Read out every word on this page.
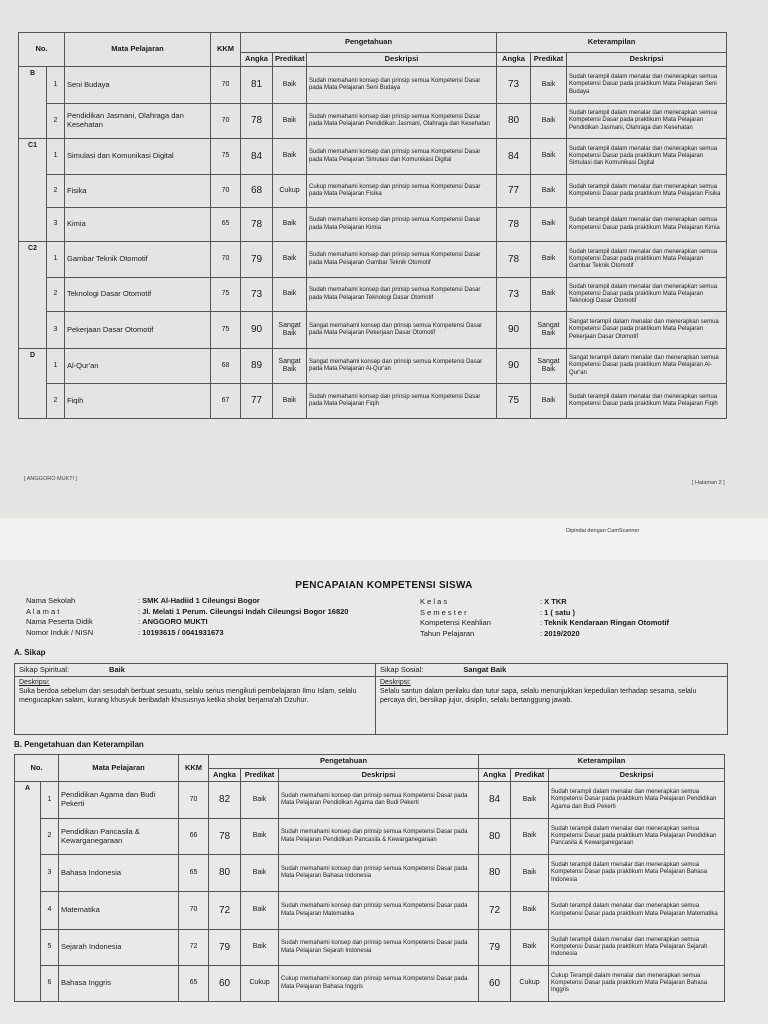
No.		Mata Pelajaran	KKM	Pengetahuan			Keterampilan		
				Angka	Predikat	Deskripsi	Angka	Predikat	Deskripsi
B	1	Seni Budaya	70	81	Baik	Sudah memahami konsep dan prinsip semua Kompetensi Dasar pada Mata Pelajaran Seni Budaya	73	Baik	Sudah terampil dalam menalar dan menerapkan semua Kompetensi Dasar pada praktikum Mata Pelajaran Seni Budaya
	2	Pendidikan Jasmani, Olahraga dan Kesehatan	70	78	Baik	Sudah memahami konsep dan prinsip semua Kompetensi Dasar pada Mata Pelajaran Pendidikan Jasmani, Olahraga dan Kesehatan	80	Baik	Sudah terampil dalam menalar dan menerapkan semua Kompetensi Dasar pada praktikum Mata Pelajaran Pendidikan Jasmani, Olahraga dan Kesehatan
C1	1	Simulasi dan Komunikasi Digital	75	84	Baik	Sudah memahami konsep dan prinsip semua Kompetensi Dasar pada Mata Pelajaran Simulasi dan Komunikasi Digital	84	Baik	Sudah terampil dalam menalar dan menerapkan semua Kompetensi Dasar pada praktikum Mata Pelajaran Simulasi dan Komunikasi Digital
	2	Fisika	70	68	Cukup	Cukup memahami konsep dan prinsip semua Kompetensi Dasar pada Mata Pelajaran Fisika	77	Baik	Sudah terampil dalam menalar dan menerapkan semua Kompetensi Dasar pada praktikum Mata Pelajaran Fisika
	3	Kimia	65	78	Baik	Sudah memahami konsep dan prinsip semua Kompetensi Dasar pada Mata Pelajaran Kimia	78	Baik	Sudah terampil dalam menalar dan menerapkan semua Kompetensi Dasar pada praktikum Mata Pelajaran Kimia
C2	1	Gambar Teknik Otomotif	70	79	Baik	Sudah memahami konsep dan prinsip semua Kompetensi Dasar pada Mata Pelajaran Gambar Teknik Otomotif	78	Baik	Sudah terampil dalam menalar dan menerapkan semua Kompetensi Dasar pada praktikum Mata Pelajaran Gambar Teknik Otomotif
	2	Teknologi Dasar Otomotif	75	73	Baik	Sudah memahami konsep dan prinsip semua Kompetensi Dasar pada Mata Pelajaran Teknologi Dasar Otomotif	73	Baik	Sudah terampil dalam menalar dan menerapkan semua Kompetensi Dasar pada praktikum Mata Pelajaran Teknologi Dasar Otomotif
	3	Pekerjaan Dasar Otomotif	75	90	Sangat Baik	Sangat memahami konsep dan prinsip semua Kompetensi Dasar pada Mata Pelajaran Pekerjaan Dasar Otomotif	90	Sangat Baik	Sangat terampil dalam menalar dan menerapkan semua Kompetensi Dasar pada praktikum Mata Pelajaran Pekerjaan Dasar Otomotif
D	1	Al-Qur'an	68	89	Sangat Baik	Sangat memahami konsep dan prinsip semua Kompetensi Dasar pada Mata Pelajaran Al-Qur'an	90	Sangat Baik	Sangat terampil dalam menalar dan menerapkan semua Kompetensi Dasar pada praktikum Mata Pelajaran Al-Qur'an
	2	Fiqih	67	77	Baik	Sudah memahami konsep dan prinsip semua Kompetensi Dasar pada Mata Pelajaran Fiqih	75	Baik	Sudah terampil dalam menalar dan menerapkan semua Kompetensi Dasar pada praktikum Mata Pelajaran Fiqih
[ ANGGORO MUKTI ]
[ Halaman 2 ]
Dipindai dengan CamScanner
PENCAPAIAN KOMPETENSI SISWA
Nama Sekolah	: SMK Al-Hadiid 1 Cileungsi Bogor
A l a m a t	: Jl. Melati 1 Perum. Cileungsi Indah Cileungsi Bogor 16820
Nama Peserta Didik	: ANGGORO MUKTI
Nomor Induk / NISN	: 10193615 / 0041931673
K e l a s	: X TKR
S e m e s t e r	: 1 ( satu )
Kompetensi Keahlian	: Teknik Kendaraan Ringan Otomotif
Tahun Pelajaran	: 2019/2020
A. Sikap
Sikap Spiritual:	Baik
Deskripsi:
Suka berdoa sebelum dan sesudah berbuat sesuatu, selalu serius mengikuti pembelajaran Ilmu Islam, selalu mengucapkan salam, kurang khusyuk beribadah khususnya ketika sholat berjama'ah Dzuhur.
Sikap Sosial:	Sangat Baik
Deskripsi:
Selalu santun dalam perilaku dan tutur sapa, selalu menunjukkan kepedulian terhadap sesama, selalu percaya diri, bersikap jujur, disiplin, selalu bertanggung jawab.
B. Pengetahuan dan Keterampilan
No.		Mata Pelajaran	KKM	Pengetahuan			Keterampilan		
				Angka	Predikat	Deskripsi	Angka	Predikat	Deskripsi
A	1	Pendidikan Agama dan Budi Pekerti	70	82	Baik	Sudah memahami konsep dan prinsip semua Kompetensi Dasar pada Mata Pelajaran Pendidikan Agama dan Budi Pekerti	84	Baik	Sudah terampil dalam menalar dan menerapkan semua Kompetensi Dasar pada praktikum Mata Pelajaran Pendidikan Agama dan Budi Pekerti
	2	Pendidikan Pancasila & Kewarganegaraan	66	78	Baik	Sudah memahami konsep dan prinsip semua Kompetensi Dasar pada Mata Pelajaran Pendidikan Pancasila & Kewarganegaraan	80	Baik	Sudah terampil dalam menalar dan menerapkan semua Kompetensi Dasar pada praktikum Mata Pelajaran Pendidikan Pancasila & Kewarganegaraan
	3	Bahasa Indonesia	65	80	Baik	Sudah memahami konsep dan prinsip semua Kompetensi Dasar pada Mata Pelajaran Bahasa Indonesia	80	Baik	Sudah terampil dalam menalar dan menerapkan semua Kompetensi Dasar pada praktikum Mata Pelajaran Bahasa Indonesia
	4	Matematika	70	72	Baik	Sudah memahami konsep dan prinsip semua Kompetensi Dasar pada Mata Pelajaran Matematika	72	Baik	Sudah terampil dalam menalar dan menerapkan semua Kompetensi Dasar pada praktikum Mata Pelajaran Matematika
	5	Sejarah Indonesia	72	79	Baik	Sudah memahami konsep dan prinsip semua Kompetensi Dasar pada Mata Pelajaran Sejarah Indonesia	79	Baik	Sudah terampil dalam menalar dan menerapkan semua Kompetensi Dasar pada praktikum Mata Pelajaran Sejarah Indonesia
	6	Bahasa Inggris	65	60	Cukup	Cukup memahami konsep dan prinsip semua Kompetensi Dasar pada Mata Pelajaran Bahasa Inggris	60	Cukup	Cukup Terampil dalam menalar dan menerapkan semua Kompetensi Dasar pada praktikum Mata Pelajaran Bahasa Inggris
